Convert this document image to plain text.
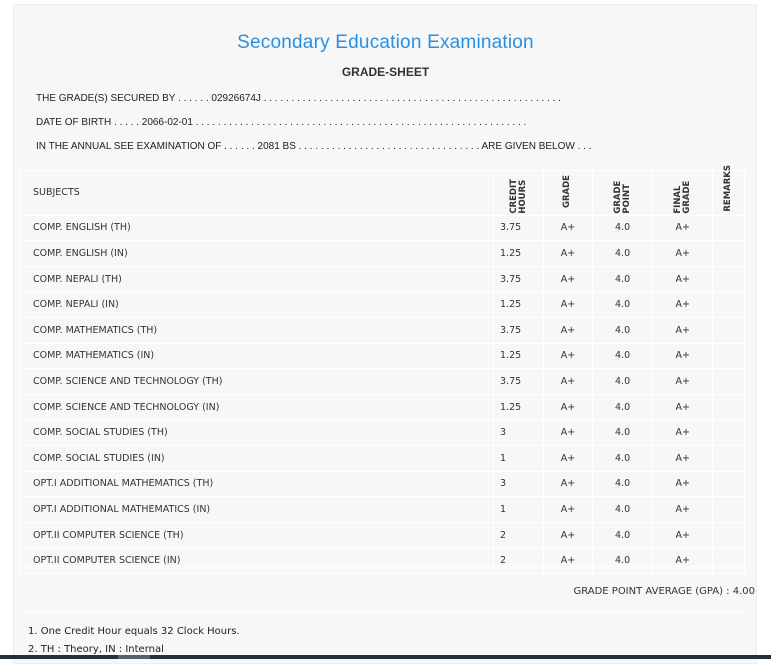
Secondary Education Examination
GRADE-SHEET
THE GRADE(S) SECURED BY . . . . . . 02926674J . . . . . . . . . . . . . . . . . . . . . . . . . . . . . . . . . . . . . . . . . . . . . . . . . . . . . .
DATE OF BIRTH . . . . . 2066-02-01 . . . . . . . . . . . . . . . . . . . . . . . . . . . . . . . . . . . . . . . . . . . . . . . . . . . . . . . . . . . .
IN THE ANNUAL SEE EXAMINATION OF . . . . . . 2081 BS . . . . . . . . . . . . . . . . . . . . . . . . . . . . . . . . . ARE GIVEN BELOW . . .
SUBJECTS	CREDIT HOURS	GRADE	GRADE POINT	FINAL GRADE	REMARKS
COMP. ENGLISH (TH)	3.75	A+	4.0	A+	
COMP. ENGLISH (IN)	1.25	A+	4.0	A+	
COMP. NEPALI (TH)	3.75	A+	4.0	A+	
COMP. NEPALI (IN)	1.25	A+	4.0	A+	
COMP. MATHEMATICS (TH)	3.75	A+	4.0	A+	
COMP. MATHEMATICS (IN)	1.25	A+	4.0	A+	
COMP. SCIENCE AND TECHNOLOGY (TH)	3.75	A+	4.0	A+	
COMP. SCIENCE AND TECHNOLOGY (IN)	1.25	A+	4.0	A+	
COMP. SOCIAL STUDIES (TH)	3	A+	4.0	A+	
COMP. SOCIAL STUDIES (IN)	1	A+	4.0	A+	
OPT.I ADDITIONAL MATHEMATICS (TH)	3	A+	4.0	A+	
OPT.I ADDITIONAL MATHEMATICS (IN)	1	A+	4.0	A+	
OPT.II COMPUTER SCIENCE (TH)	2	A+	4.0	A+	
OPT.II COMPUTER SCIENCE (IN)	2	A+	4.0	A+	
GRADE POINT AVERAGE (GPA) : 4.00
1. One Credit Hour equals 32 Clock Hours.
2. TH : Theory, IN : Internal
